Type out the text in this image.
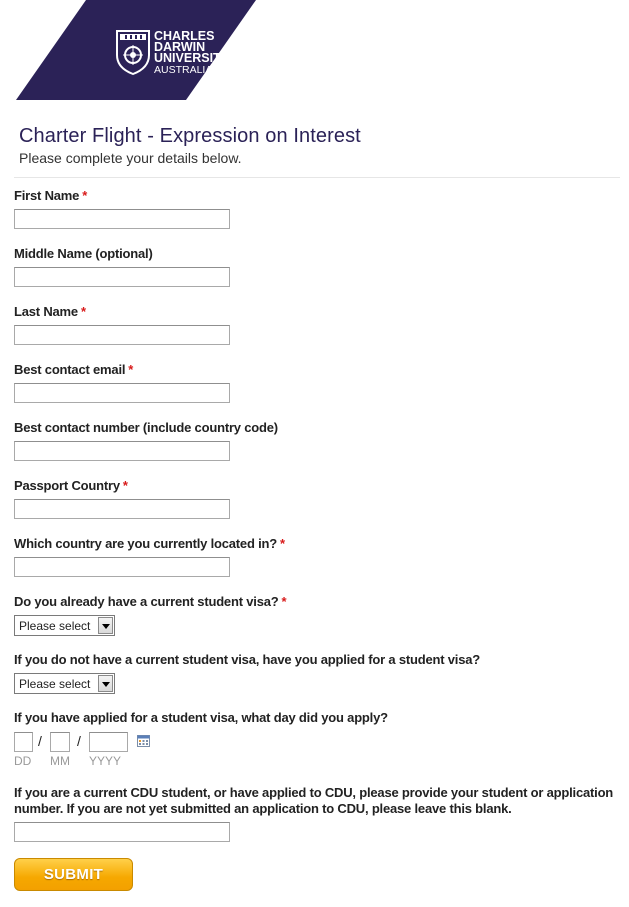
CHARLES
DARWIN
UNIVERSITY
AUSTRALIA
Charter Flight - Expression on Interest
Please complete your details below.
First Name *
Middle Name (optional)
Last Name *
Best contact email *
Best contact number (include country code)
Passport Country *
Which country are you currently located in? *
Do you already have a current student visa? *
Please select
If you do not have a current student visa, have you applied for a student visa?
Please select
If you have applied for a student visa, what day did you apply?
/	/
DD MM YYYY
If you are a current CDU student, or have applied to CDU, please provide your student or application
number. If you are not yet submitted an application to CDU, please leave this blank.
SUBMIT
